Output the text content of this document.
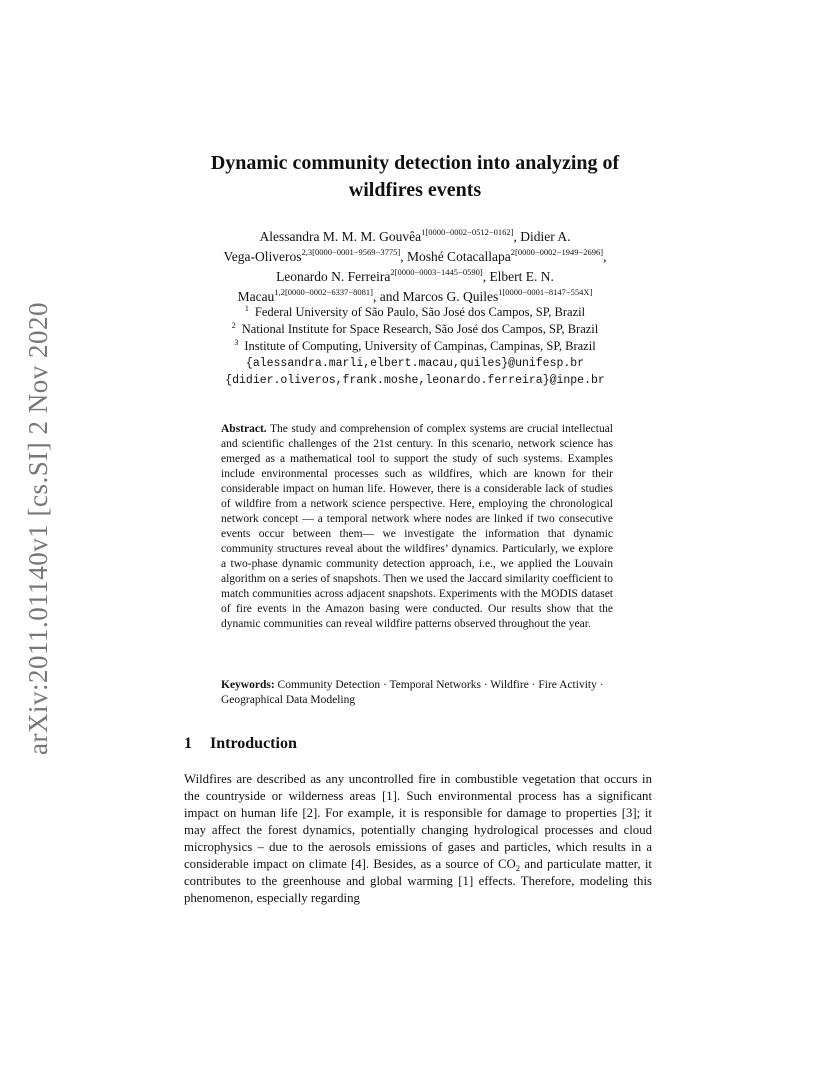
arXiv:2011.01140v1 [cs.SI] 2 Nov 2020
Dynamic community detection into analyzing of
wildfires events
Alessandra M. M. M. Gouvêa$^{1[0000-0002-0512-0162]}$, Didier A.
Vega-Oliveros$^{2,3[0000-0001-9569-3775]}$, Moshé Cotacallapa$^{2[0000-0002-1949-2696]}$,
Leonardo N. Ferreira$^{2[0000-0003-1445-0590]}$, Elbert E. N.
Macau$^{1,2[0000-0002-6337-8081]}$, and Marcos G. Quiles$^{1[0000-0001-8147-554X]}$
$^1$ Federal University of São Paulo, São José dos Campos, SP, Brazil
$^2$ National Institute for Space Research, São José dos Campos, SP, Brazil
$^3$ Institute of Computing, University of Campinas, Campinas, SP, Brazil
{alessandra.marli,elbert.macau,quiles}@unifesp.br
{didier.oliveros,frank.moshe,leonardo.ferreira}@inpe.br
Abstract. The study and comprehension of complex systems are crucial intellectual and scientific challenges of the 21st century. In this scenario, network science has emerged as a mathematical tool to support the study of such systems. Examples include environmental processes such as wildfires, which are known for their considerable impact on human life. However, there is a considerable lack of studies of wildfire from a network science perspective. Here, employing the chronological network concept — a temporal network where nodes are linked if two consecutive events occur between them— we investigate the information that dynamic community structures reveal about the wildfires’ dynamics. Particularly, we explore a two-phase dynamic community detection approach, i.e., we applied the Louvain algorithm on a series of snapshots. Then we used the Jaccard similarity coefficient to match communities across adjacent snapshots. Experiments with the MODIS dataset of fire events in the Amazon basing were conducted. Our results show that the dynamic communities can reveal wildfire patterns observed throughout the year.
Keywords: Community Detection · Temporal Networks · Wildfire · Fire Activity · Geographical Data Modeling
1 Introduction
Wildfires are described as any uncontrolled fire in combustible vegetation that occurs in the countryside or wilderness areas [1]. Such environmental process has a significant impact on human life [2]. For example, it is responsible for damage to properties [3]; it may affect the forest dynamics, potentially changing hydrological processes and cloud microphysics – due to the aerosols emissions of gases and particles, which results in a considerable impact on climate [4]. Besides, as a source of $CO_2$ and particulate matter, it contributes to the greenhouse and global warming [1] effects. Therefore, modeling this phenomenon, especially regarding
